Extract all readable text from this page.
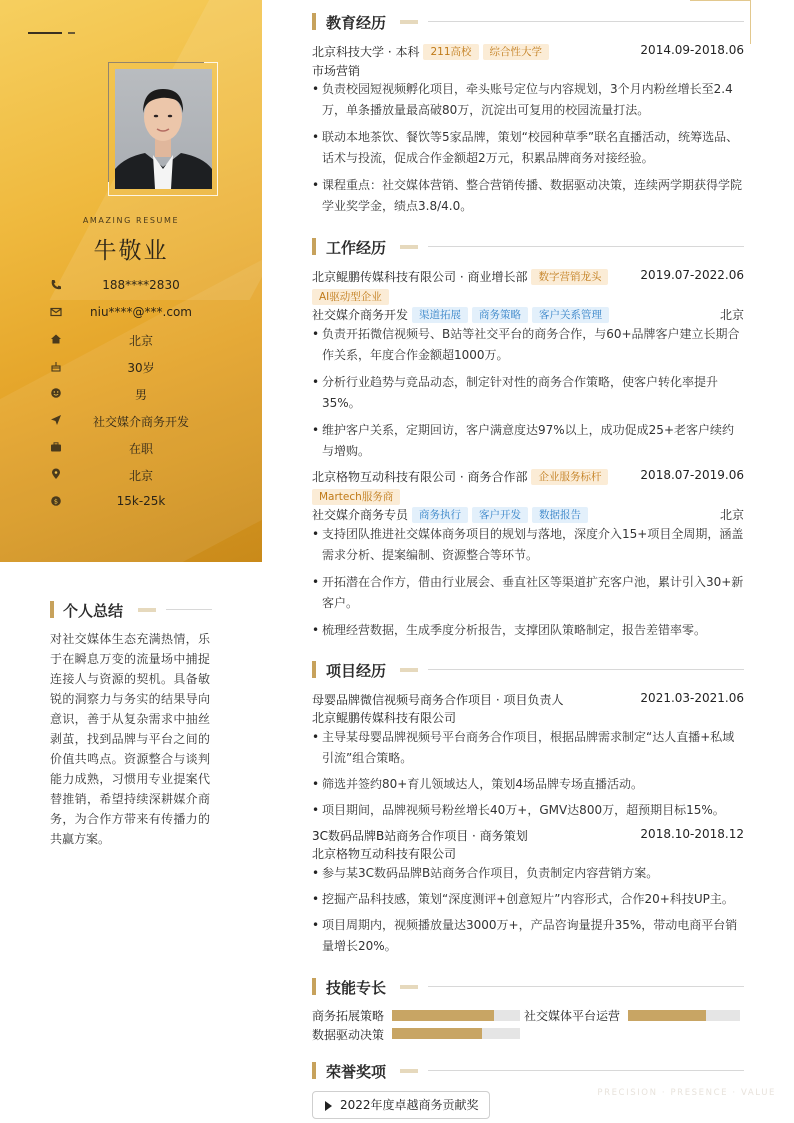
AMAZING RESUME
牛敬业
188****2830
niu****@***.com
北京
30岁
男
社交媒介商务开发
在职
北京
$	15k-25k
个人总结
对社交媒体生态充满热情，乐于在瞬息万变的流量场中捕捉连接人与资源的契机。具备敏锐的洞察力与务实的结果导向意识，善于从复杂需求中抽丝剥茧，找到品牌与平台之间的价值共鸣点。资源整合与谈判能力成熟，习惯用专业提案代替推销，希望持续深耕媒介商务，为合作方带来有传播力的共赢方案。
教育经历
北京科技大学 · 本科 211高校 综合性大学	2014.09-2018.06
市场营销
• 负责校园短视频孵化项目，牵头账号定位与内容规划，3个月内粉丝增长至2.4万，单条播放量最高破80万，沉淀出可复用的校园流量打法。
• 联动本地茶饮、餐饮等5家品牌，策划“校园种草季”联名直播活动，统筹选品、话术与投流，促成合作金额超2万元，积累品牌商务对接经验。
• 课程重点：社交媒体营销、整合营销传播、数据驱动决策，连续两学期获得学院学业奖学金，绩点3.8/4.0。
工作经历
北京鲲鹏传媒科技有限公司 · 商业增长部 数字营销龙头	2019.07-2022.06
AI驱动型企业
社交媒介商务开发 渠道拓展 商务策略 客户关系管理	北京
• 负责开拓微信视频号、B站等社交平台的商务合作，与60+品牌客户建立长期合作关系，年度合作金额超1000万。
• 分析行业趋势与竞品动态，制定针对性的商务合作策略，使客户转化率提升35%。
• 维护客户关系，定期回访，客户满意度达97%以上，成功促成25+老客户续约与增购。
北京格物互动科技有限公司 · 商务合作部 企业服务标杆	2018.07-2019.06
Martech服务商
社交媒介商务专员 商务执行 客户开发 数据报告	北京
• 支持团队推进社交媒体商务项目的规划与落地，深度介入15+项目全周期，涵盖需求分析、提案编制、资源整合等环节。
• 开拓潜在合作方，借由行业展会、垂直社区等渠道扩充客户池，累计引入30+新客户。
• 梳理经营数据，生成季度分析报告，支撑团队策略制定，报告差错率零。
项目经历
母婴品牌微信视频号商务合作项目 · 项目负责人	2021.03-2021.06
北京鲲鹏传媒科技有限公司
• 主导某母婴品牌视频号平台商务合作项目，根据品牌需求制定“达人直播+私域引流”组合策略。
• 筛选并签约80+育儿领域达人，策划4场品牌专场直播活动。
• 项目期间，品牌视频号粉丝增长40万+，GMV达800万，超预期目标15%。
3C数码品牌B站商务合作项目 · 商务策划	2018.10-2018.12
北京格物互动科技有限公司
• 参与某3C数码品牌B站商务合作项目，负责制定内容营销方案。
• 挖掘产品科技感，策划“深度测评+创意短片”内容形式，合作20+科技UP主。
• 项目周期内，视频播放量达3000万+，产品咨询量提升35%，带动电商平台销量增长20%。
技能专长
商务拓展策略	社交媒体平台运营
数据驱动决策
荣誉奖项
2022年度卓越商务贡献奖
PRECISION · PRESENCE · VALUE
